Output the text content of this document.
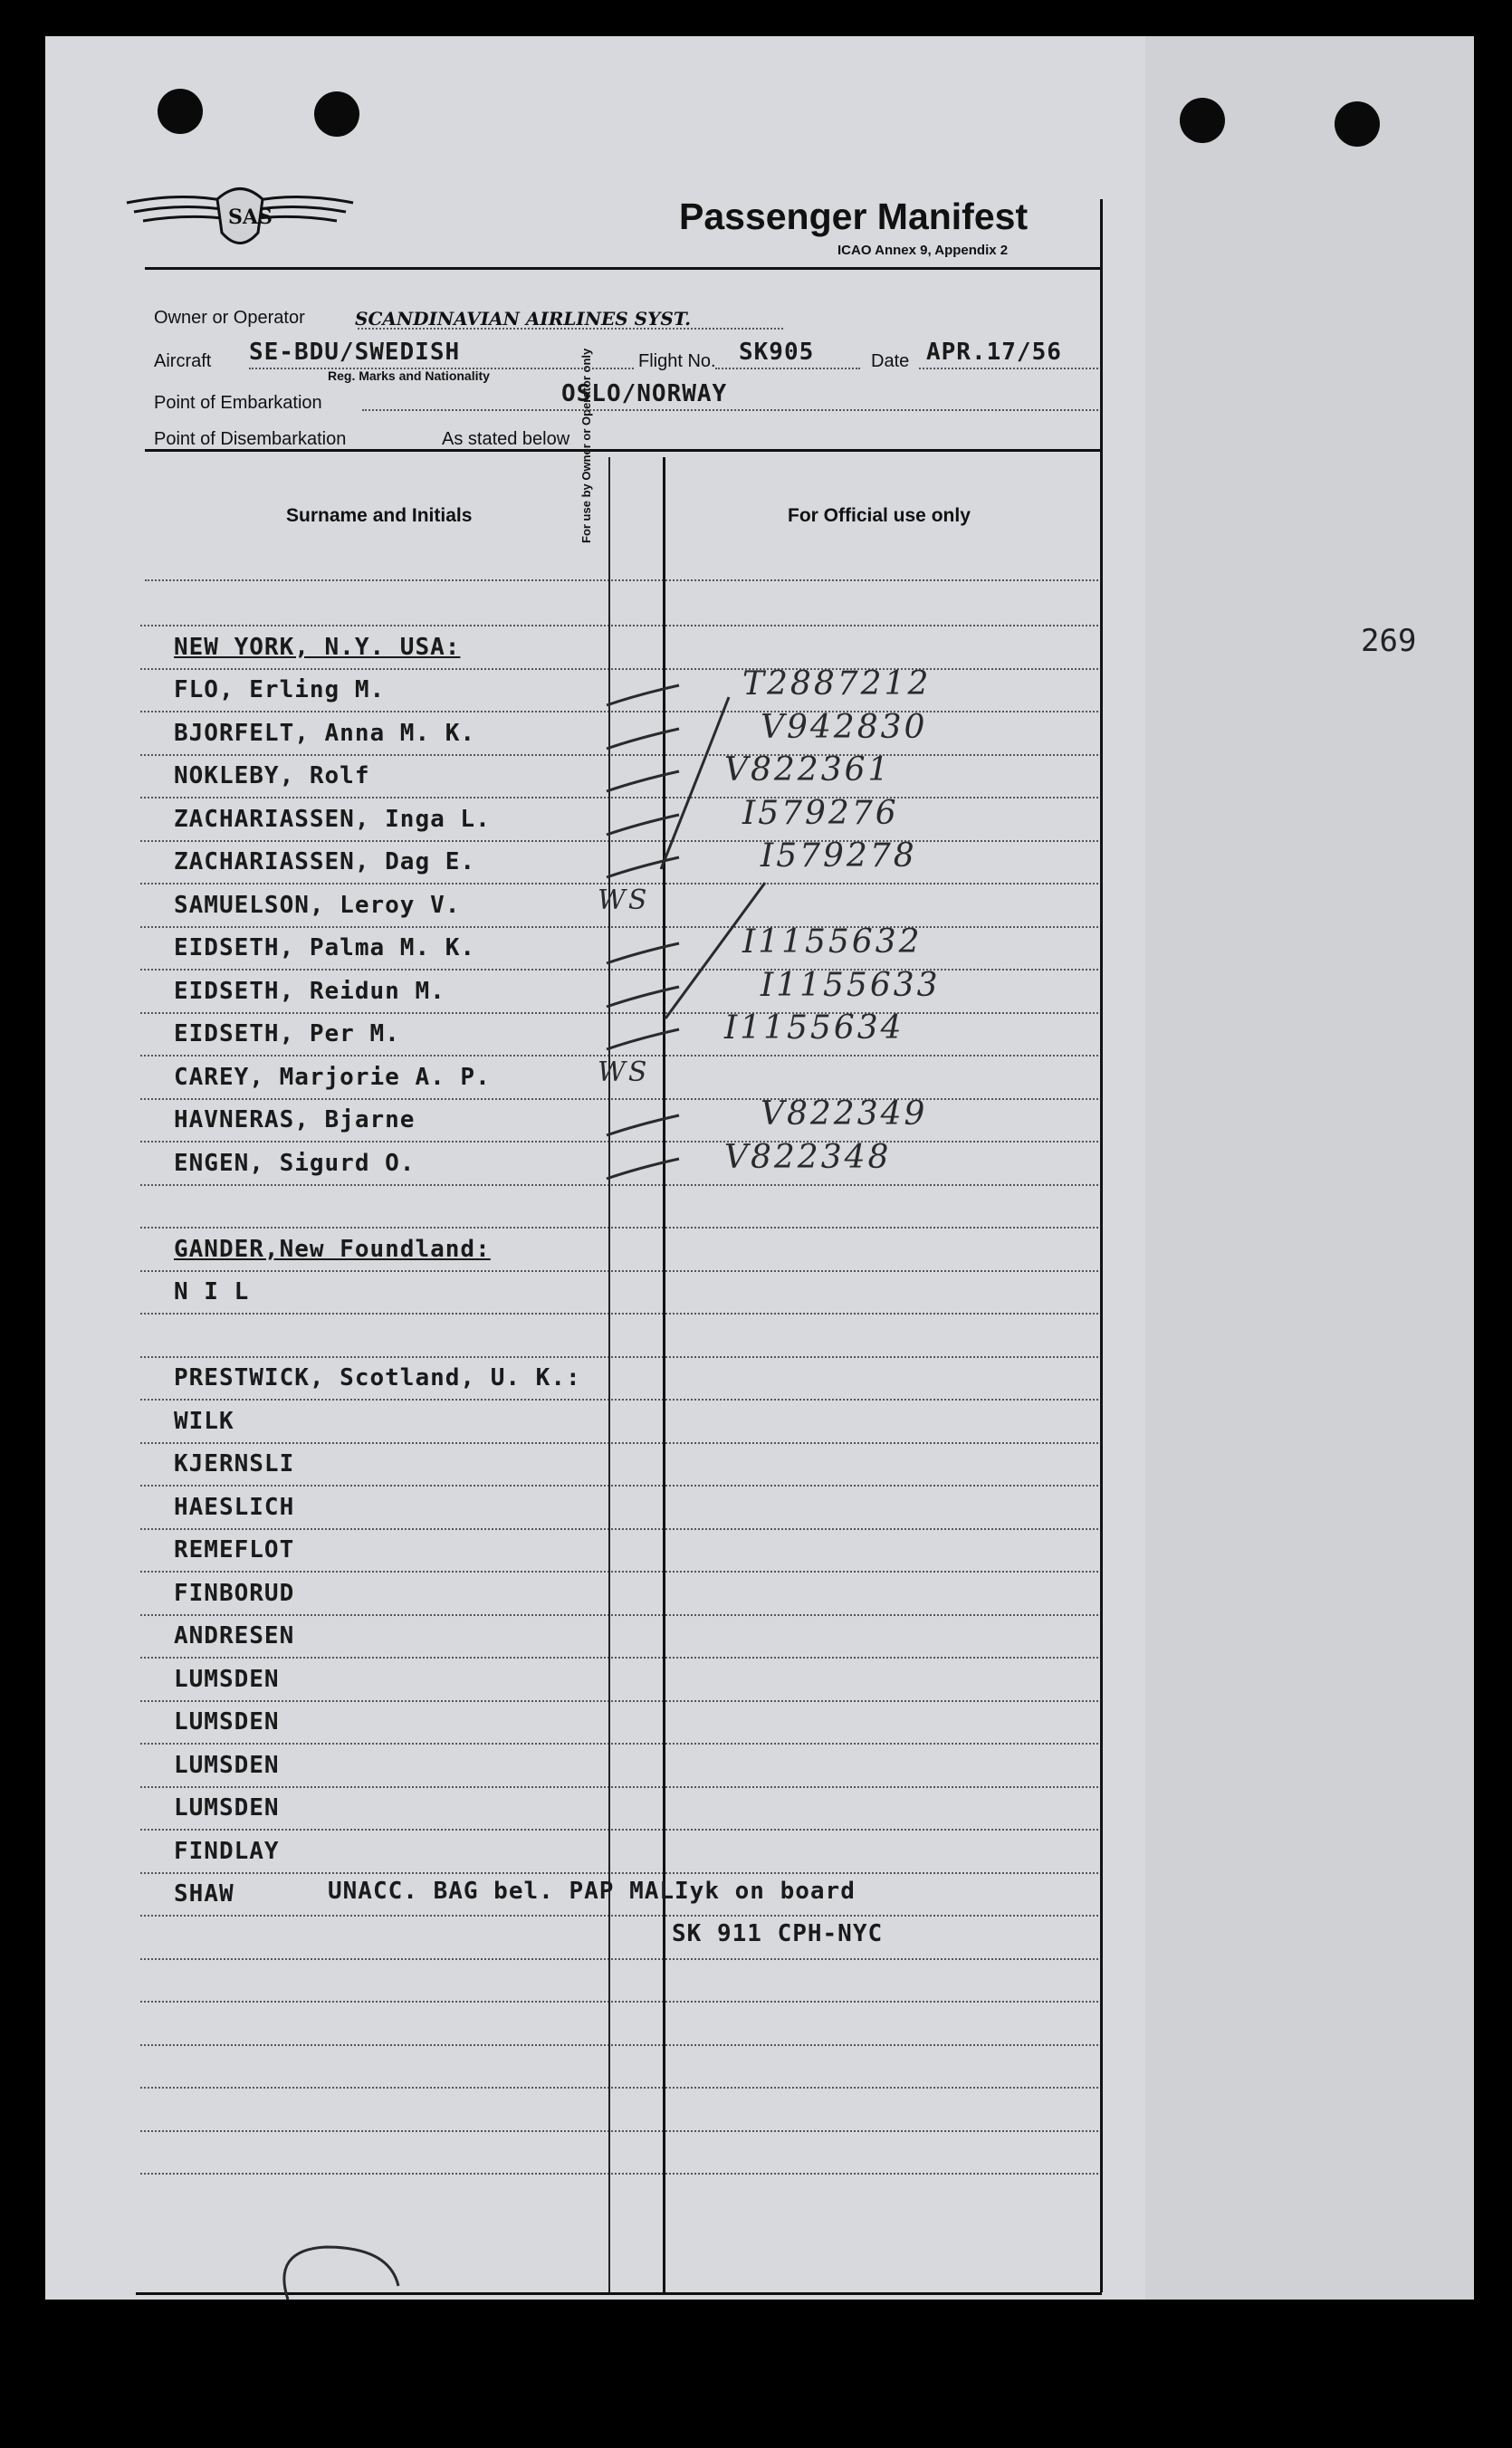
SAS	Passenger Manifest
ICAO Annex 9, Appendix 2
Owner or Operator	SCANDINAVIAN AIRLINES SYST.
Aircraft SE-BDU/SWEDISH
Reg. Marks and Nationality
Flight No. SK905	Date APR.17/56
Point of Embarkation	OSLO/NORWAY
Point of Disembarkation	As stated below
Surname and Initials	For use by Owner or Operator only	For Official use only
269
NEW YORK, N.Y. USA:
FLO, Erling M.	T2887212
BJORFELT, Anna M. K.	V942830
NOKLEBY, Rolf	V822361
ZACHARIASSEN, Inga L.	I579276
ZACHARIASSEN, Dag E.	I579278
SAMUELSON, Leroy V.	WS
EIDSETH, Palma M. K.	I1155632
EIDSETH, Reidun M.	I1155633
EIDSETH, Per M.	I1155634
CAREY, Marjorie A. P.	WS
HAVNERAS, Bjarne	V822349
ENGEN, Sigurd O.	V822348
GANDER,New Foundland:
N I L
PRESTWICK, Scotland, U. K.:
WILK
KJERNSLI
HAESLICH
REMEFLOT
FINBORUD
ANDRESEN
LUMSDEN
LUMSDEN
LUMSDEN
LUMSDEN
FINDLAY
SHAW	UNACC. BAG bel. PAP MALIyk on board
SK 911 CPH-NYC
